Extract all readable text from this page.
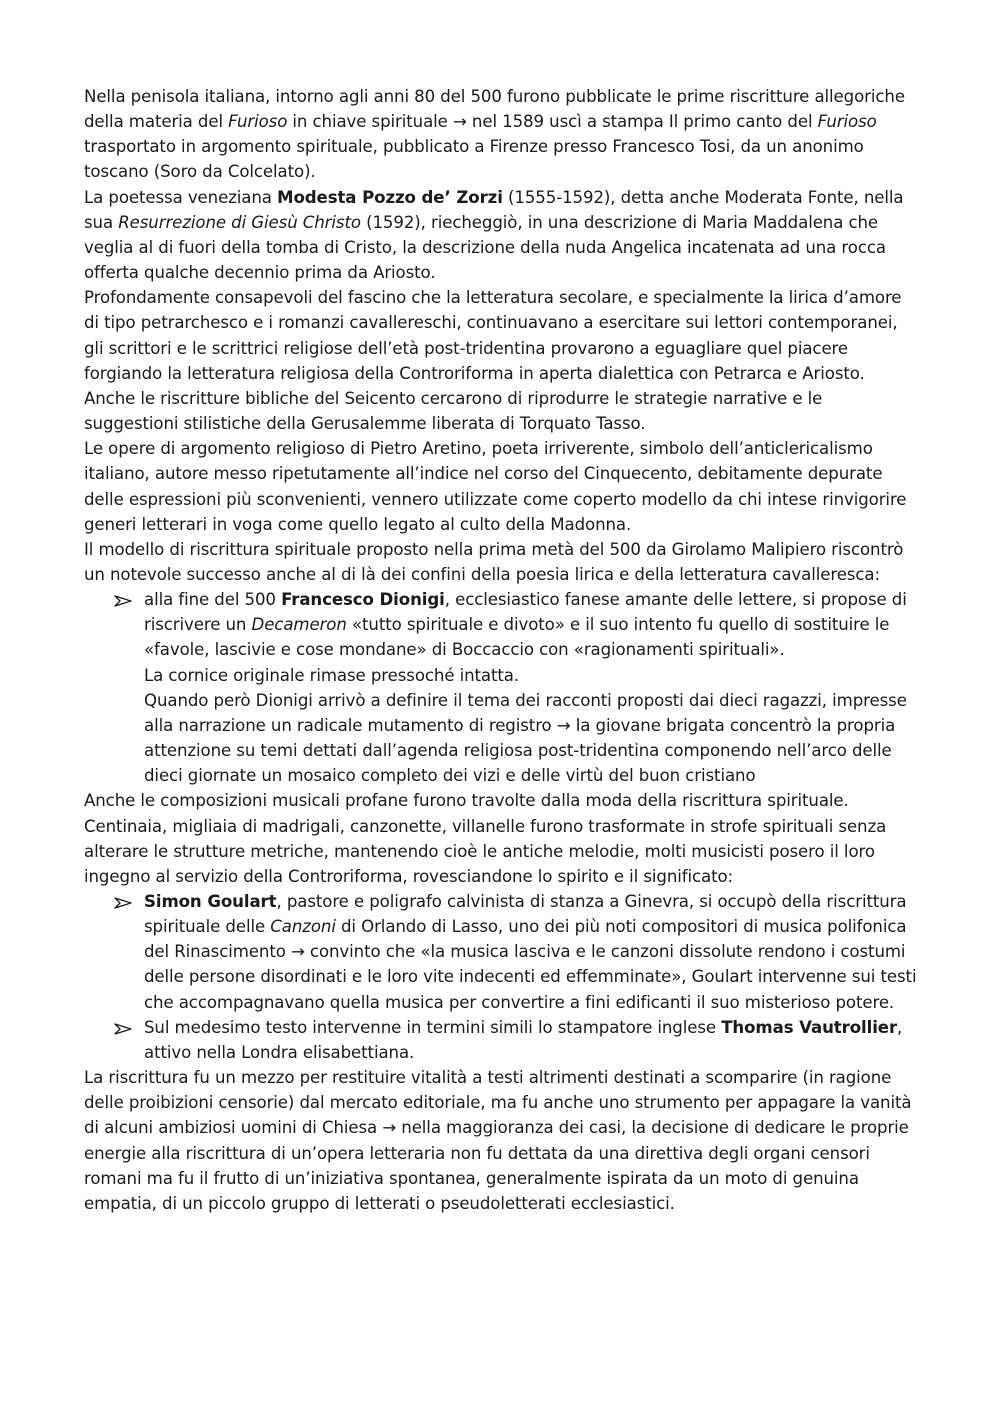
Nella penisola italiana, intorno agli anni 80 del 500 furono pubblicate le prime riscritture allegoriche della materia del Furioso in chiave spirituale → nel 1589 uscì a stampa Il primo canto del Furioso trasportato in argomento spirituale, pubblicato a Firenze presso Francesco Tosi, da un anonimo toscano (Soro da Colcelato).

La poetessa veneziana Modesta Pozzo de’ Zorzi (1555-1592), detta anche Moderata Fonte, nella sua Resurrezione di Giesù Christo (1592), riecheggiò, in una descrizione di Maria Maddalena che veglia al di fuori della tomba di Cristo, la descrizione della nuda Angelica incatenata ad una rocca offerta qualche decennio prima da Ariosto.

Profondamente consapevoli del fascino che la letteratura secolare, e specialmente la lirica d’amore di tipo petrarchesco e i romanzi cavallereschi, continuavano a esercitare sui lettori contemporanei, gli scrittori e le scrittrici religiose dell’età post-tridentina provarono a eguagliare quel piacere forgiando la letteratura religiosa della Controriforma in aperta dialettica con Petrarca e Ariosto.

Anche le riscritture bibliche del Seicento cercarono di riprodurre le strategie narrative e le suggestioni stilistiche della Gerusalemme liberata di Torquato Tasso.

Le opere di argomento religioso di Pietro Aretino, poeta irriverente, simbolo dell’anticlericalismo italiano, autore messo ripetutamente all’indice nel corso del Cinquecento, debitamente depurate delle espressioni più sconvenienti, vennero utilizzate come coperto modello da chi intese rinvigorire generi letterari in voga come quello legato al culto della Madonna.

Il modello di riscrittura spirituale proposto nella prima metà del 500 da Girolamo Malipiero riscontrò un notevole successo anche al di là dei confini della poesia lirica e della letteratura cavalleresca:

alla fine del 500 Francesco Dionigi, ecclesiastico fanese amante delle lettere, si propose di riscrivere un Decameron «tutto spirituale e divoto» e il suo intento fu quello di sostituire le «favole, lascivie e cose mondane» di Boccaccio con «ragionamenti spirituali».
La cornice originale rimase pressoché intatta.
Quando però Dionigi arrivò a definire il tema dei racconti proposti dai dieci ragazzi, impresse alla narrazione un radicale mutamento di registro → la giovane brigata concentrò la propria attenzione su temi dettati dall’agenda religiosa post-tridentina componendo nell’arco delle dieci giornate un mosaico completo dei vizi e delle virtù del buon cristiano

Anche le composizioni musicali profane furono travolte dalla moda della riscrittura spirituale. Centinaia, migliaia di madrigali, canzonette, villanelle furono trasformate in strofe spirituali senza alterare le strutture metriche, mantenendo cioè le antiche melodie, molti musicisti posero il loro ingegno al servizio della Controriforma, rovesciandone lo spirito e il significato:

Simon Goulart, pastore e poligrafo calvinista di stanza a Ginevra, si occupò della riscrittura spirituale delle Canzoni di Orlando di Lasso, uno dei più noti compositori di musica polifonica del Rinascimento → convinto che «la musica lasciva e le canzoni dissolute rendono i costumi delle persone disordinati e le loro vite indecenti ed effemminate», Goulart intervenne sui testi che accompagnavano quella musica per convertire a fini edificanti il suo misterioso potere.
Sul medesimo testo intervenne in termini simili lo stampatore inglese Thomas Vautrollier, attivo nella Londra elisabettiana.

La riscrittura fu un mezzo per restituire vitalità a testi altrimenti destinati a scomparire (in ragione delle proibizioni censorie) dal mercato editoriale, ma fu anche uno strumento per appagare la vanità di alcuni ambiziosi uomini di Chiesa → nella maggioranza dei casi, la decisione di dedicare le proprie energie alla riscrittura di un’opera letteraria non fu dettata da una direttiva degli organi censori romani ma fu il frutto di un’iniziativa spontanea, generalmente ispirata da un moto di genuina empatia, di un piccolo gruppo di letterati o pseudoletterati ecclesiastici.
